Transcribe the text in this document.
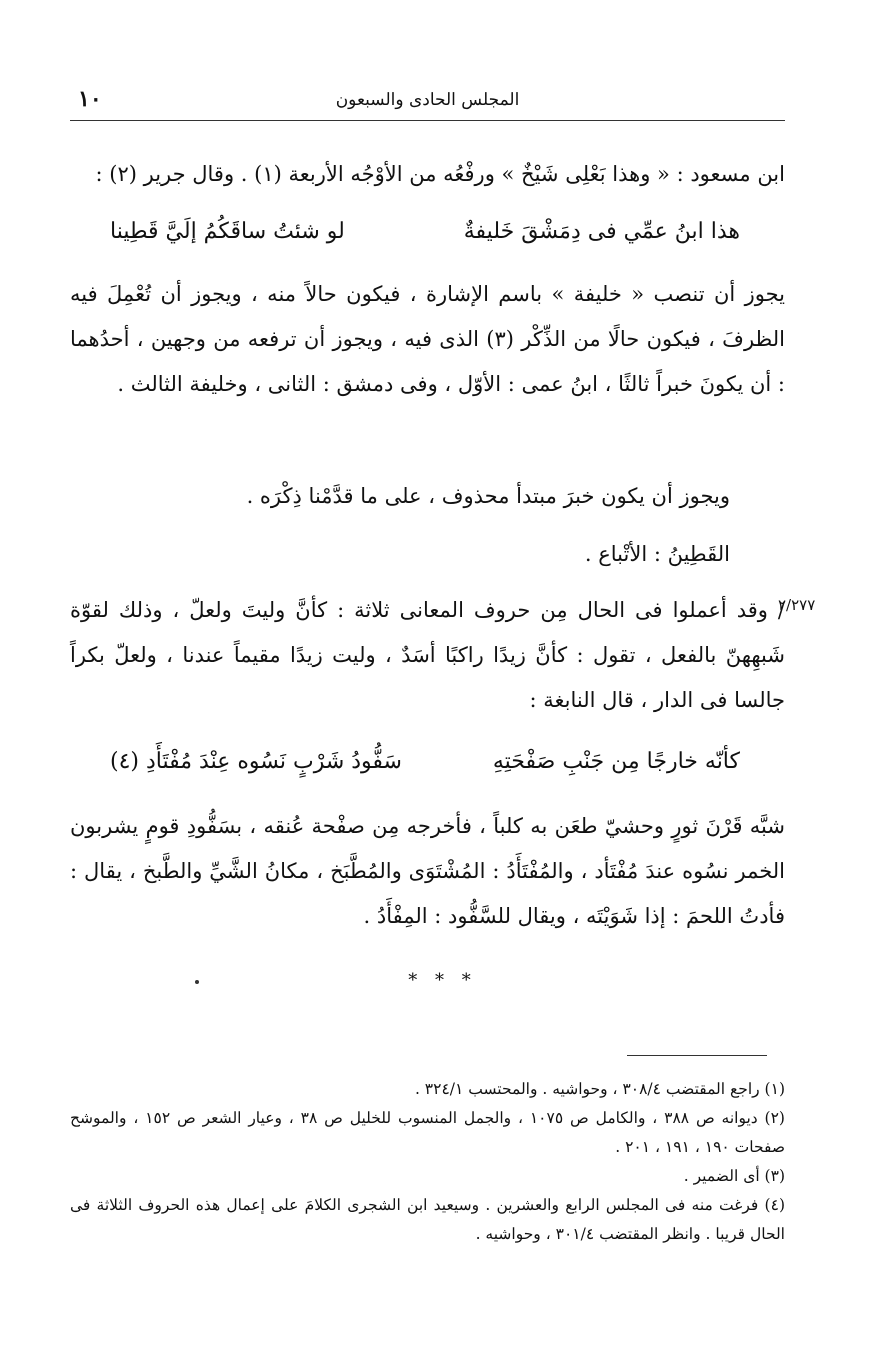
١٠	المجلس الحادى والسبعون
ابن مسعود : « وهذا بَعْلِى شَيْخٌ » ورفْعُه من الأوْجُه الأربعة (١) . وقال جرير (٢) :
هذا ابنُ عمِّي فى دِمَشْقَ خَليفةٌ
لو شئتُ ساقَكُمُ إلَيَّ قَطِينا
يجوز أن تنصب « خليفة » باسم الإشارة ، فيكون حالاً منه ، ويجوز أن تُعْمِلَ فيه الظرفَ ، فيكون حالًا من الذِّكْر (٣) الذى فيه ، ويجوز أن ترفعه من وجهين ، أحدُهما : أن يكونَ خبراً ثالثًا ، ابنُ عمى : الأوّل ، وفى دمشق : الثانى ، وخليفة الثالث .
ويجوز أن يكون خبرَ مبتدأ محذوف ، على ما قدَّمْنا ذِكْرَه .
القَطِينُ : الأتْباع .
٢/٢٧٧
/ وقد أعملوا فى الحال مِن حروف المعانى ثلاثة : كأنَّ وليتَ ولعلّ ، وذلك لقوّة شَبهِهنّ بالفعل ، تقول : كأنَّ زيدًا راكبًا أسَدٌ ، وليت زيدًا مقيماً عندنا ، ولعلّ بكراً جالسا فى الدار ، قال النابغة :
كأنّه خارجًا مِن جَنْبِ صَفْحَتِهِ
سَفُّودُ شَرْبٍ نَسُوه عِنْدَ مُفْتَأَدِ (٤)
شبَّه قَرْنَ ثورٍ وحشيّ طعَن به كلباً ، فأخرجه مِن صفْحة عُنقه ، بسَفُّودِ قومٍ يشربون الخمر نسُوه عندَ مُفْتَأد ، والمُفْتَأَدُ : المُشْتَوَى والمُطَّبَخ ، مكانُ الشَّيِّ والطَّبخ ، يقال : فأدتُ اللحمَ : إذا شَوَيْتَه ، ويقال للسَّفُّود : المِفْأَدُ .
* * *

(١) راجع المقتضب ٣٠٨/٤ ، وحواشيه . والمحتسب ٣٢٤/١ .

(٢) ديوانه ص ٣٨٨ ، والكامل ص ١٠٧٥ ، والجمل المنسوب للخليل ص ٣٨ ، وعيار الشعر ص ١٥٢ ، والموشح صفحات ١٩٠ ، ١٩١ ، ٢٠١ .

(٣) أى الضمير .

(٤) فرغت منه فى المجلس الرابع والعشرين . وسيعيد ابن الشجرى الكلامَ على إعمال هذه الحروف الثلاثة فى الحال قريبا . وانظر المقتضب ٣٠١/٤ ، وحواشيه .
